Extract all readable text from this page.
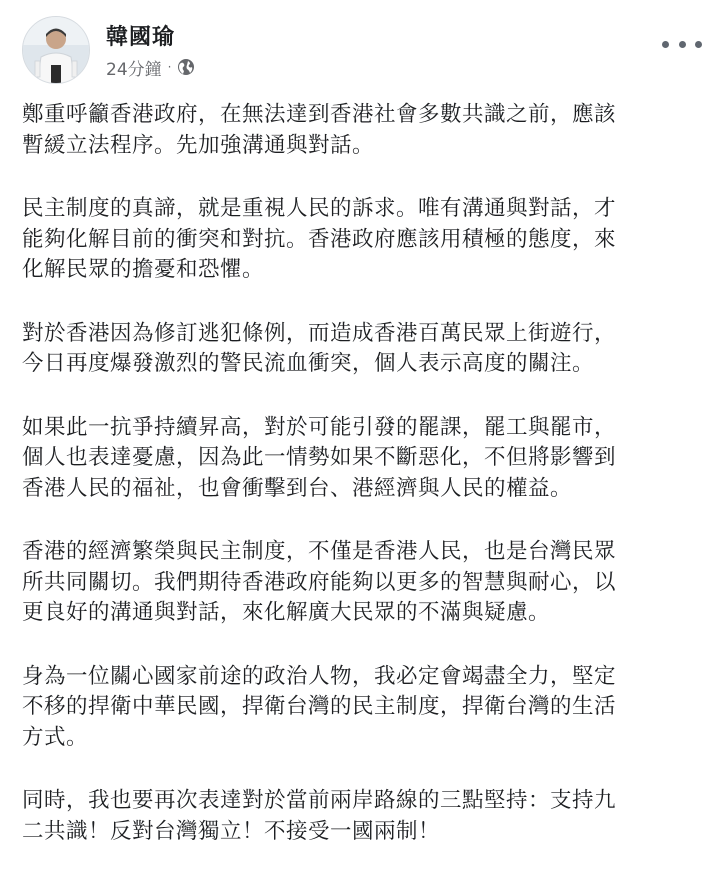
韓國瑜
24分鐘 ·

鄭重呼籲香港政府，在無法達到香港社會多數共識之前，應該
暫緩立法程序。先加強溝通與對話。

民主制度的真諦，就是重視人民的訴求。唯有溝通與對話，才
能夠化解目前的衝突和對抗。香港政府應該用積極的態度，來
化解民眾的擔憂和恐懼。

對於香港因為修訂逃犯條例，而造成香港百萬民眾上街遊行，
今日再度爆發激烈的警民流血衝突，個人表示高度的關注。

如果此一抗爭持續昇高，對於可能引發的罷課，罷工與罷市，
個人也表達憂慮，因為此一情勢如果不斷惡化，不但將影響到
香港人民的福祉，也會衝擊到台、港經濟與人民的權益。

香港的經濟繁榮與民主制度，不僅是香港人民，也是台灣民眾
所共同關切。我們期待香港政府能夠以更多的智慧與耐心，以
更良好的溝通與對話，來化解廣大民眾的不滿與疑慮。

身為一位關心國家前途的政治人物，我必定會竭盡全力，堅定
不移的捍衛中華民國，捍衛台灣的民主制度，捍衛台灣的生活
方式。

同時，我也要再次表達對於當前兩岸路線的三點堅持：支持九
二共識！反對台灣獨立！不接受一國兩制！
